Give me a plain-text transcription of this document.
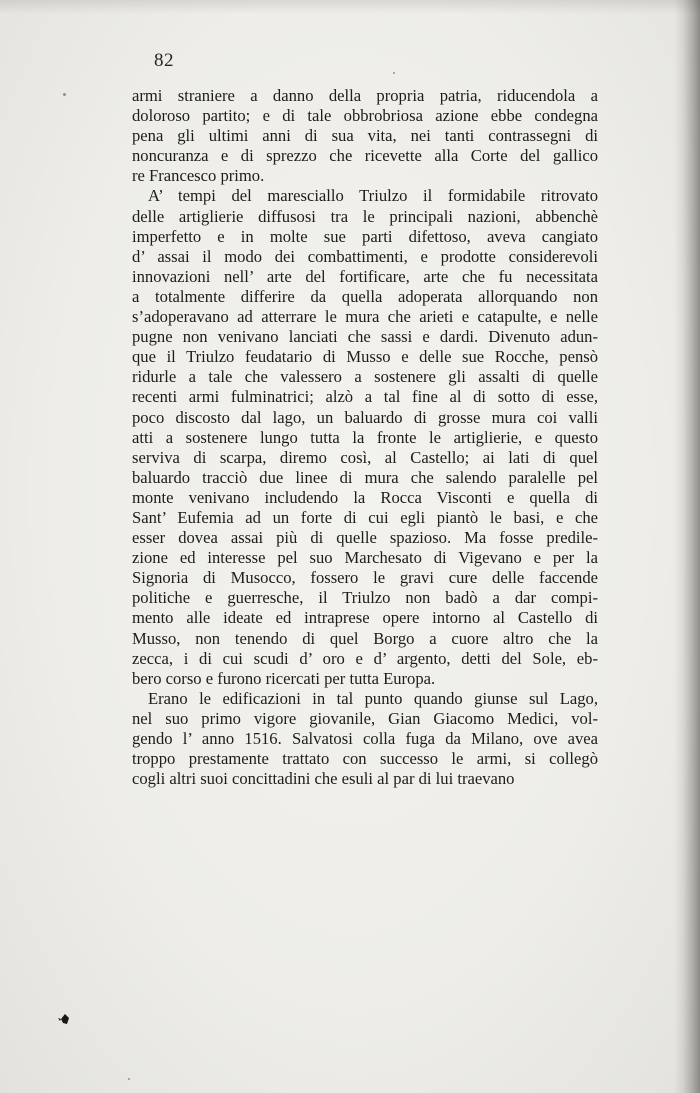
82
armi straniere a danno della propria patria, riducendola a
doloroso partito; e di tale obbrobriosa azione ebbe condegna
pena gli ultimi anni di sua vita, nei tanti contrassegni di
noncuranza e di sprezzo che ricevette alla Corte del gallico
re Francesco primo.
A’ tempi del maresciallo Triulzo il formidabile ritrovato
delle artiglierie diffusosi tra le principali nazioni, abbenchè
imperfetto e in molte sue parti difettoso, aveva cangiato
d’ assai il modo dei combattimenti, e prodotte considerevoli
innovazioni nell’ arte del fortificare, arte che fu necessitata
a totalmente differire da quella adoperata allorquando non
s’adoperavano ad atterrare le mura che arieti e catapulte, e nelle
pugne non venivano lanciati che sassi e dardi. Divenuto adun-
que il Triulzo feudatario di Musso e delle sue Rocche, pensò
ridurle a tale che valessero a sostenere gli assalti di quelle
recenti armi fulminatrici; alzò a tal fine al di sotto di esse,
poco discosto dal lago, un baluardo di grosse mura coi valli
atti a sostenere lungo tutta la fronte le artiglierie, e questo
serviva di scarpa, diremo così, al Castello; ai lati di quel
baluardo tracciò due linee di mura che salendo paralelle pel
monte venivano includendo la Rocca Visconti e quella di
Sant’ Eufemia ad un forte di cui egli piantò le basi, e che
esser dovea assai più di quelle spazioso. Ma fosse predile-
zione ed interesse pel suo Marchesato di Vigevano e per la
Signoria di Musocco, fossero le gravi cure delle faccende
politiche e guerresche, il Triulzo non badò a dar compi-
mento alle ideate ed intraprese opere intorno al Castello di
Musso, non tenendo di quel Borgo a cuore altro che la
zecca, i di cui scudi d’ oro e d’ argento, detti del Sole, eb-
bero corso e furono ricercati per tutta Europa.
Erano le edificazioni in tal punto quando giunse sul Lago,
nel suo primo vigore giovanile, Gian Giacomo Medici, vol-
gendo l’ anno 1516. Salvatosi colla fuga da Milano, ove avea
troppo prestamente trattato con successo le armi, si collegò
cogli altri suoi concittadini che esuli al par di lui traevano
